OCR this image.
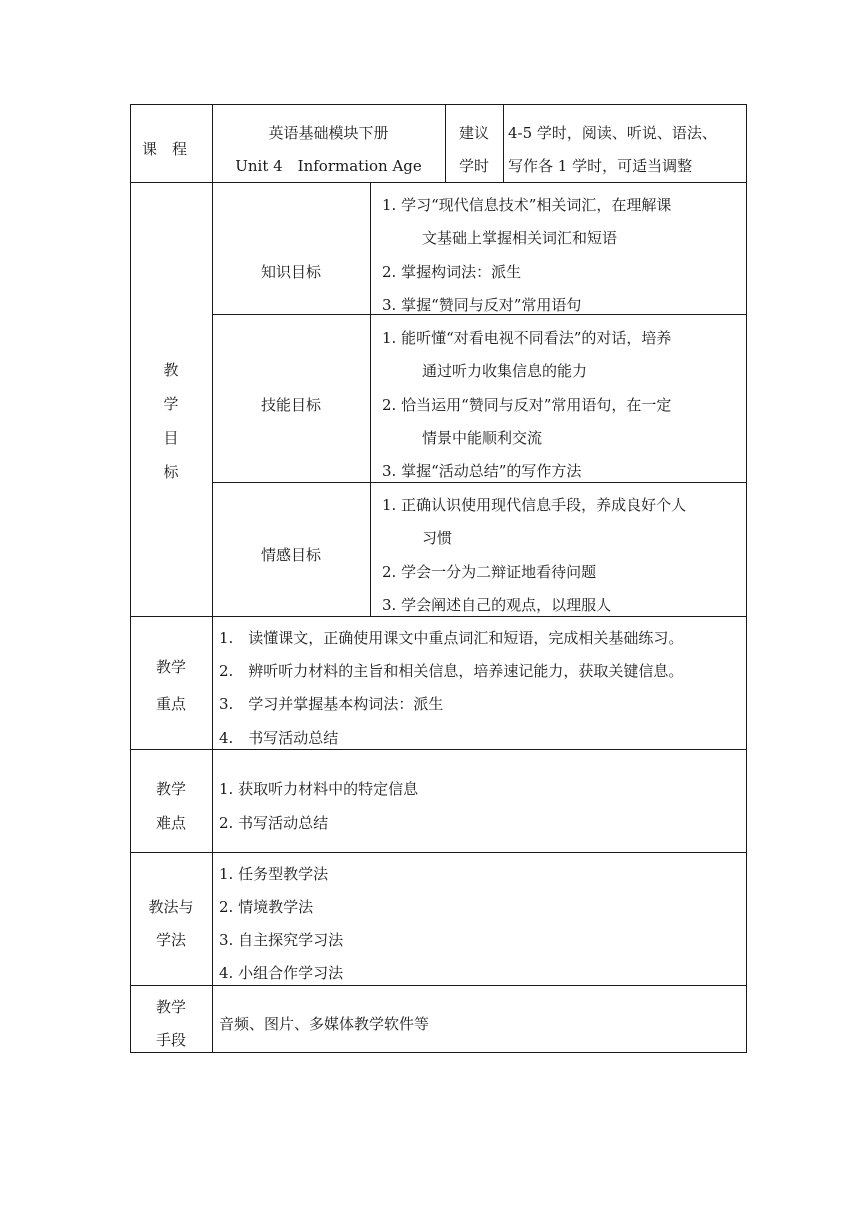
课　程
英语基础模块下册
Unit 4　Information Age
建议
学时
4-5 学时，阅读、听说、语法、
写作各 1 学时，可适当调整
教
学
目
标
知识目标
1. 学习“现代信息技术”相关词汇，在理解课
文基础上掌握相关词汇和短语
2. 掌握构词法：派生
3. 掌握“赞同与反对”常用语句
技能目标
1. 能听懂“对看电视不同看法”的对话，培养
通过听力收集信息的能力
2. 恰当运用“赞同与反对”常用语句，在一定
情景中能顺利交流
3. 掌握“活动总结”的写作方法
情感目标
1. 正确认识使用现代信息手段，养成良好个人
习惯
2. 学会一分为二辩证地看待问题
3. 学会阐述自己的观点，以理服人
教学
重点
1.　读懂课文，正确使用课文中重点词汇和短语，完成相关基础练习。
2.　辨听听力材料的主旨和相关信息，培养速记能力，获取关键信息。
3.　学习并掌握基本构词法：派生
4.　书写活动总结
教学
难点
1. 获取听力材料中的特定信息
2. 书写活动总结
教法与
学法
1. 任务型教学法
2. 情境教学法
3. 自主探究学习法
4. 小组合作学习法
教学
手段
音频、图片、多媒体教学软件等
